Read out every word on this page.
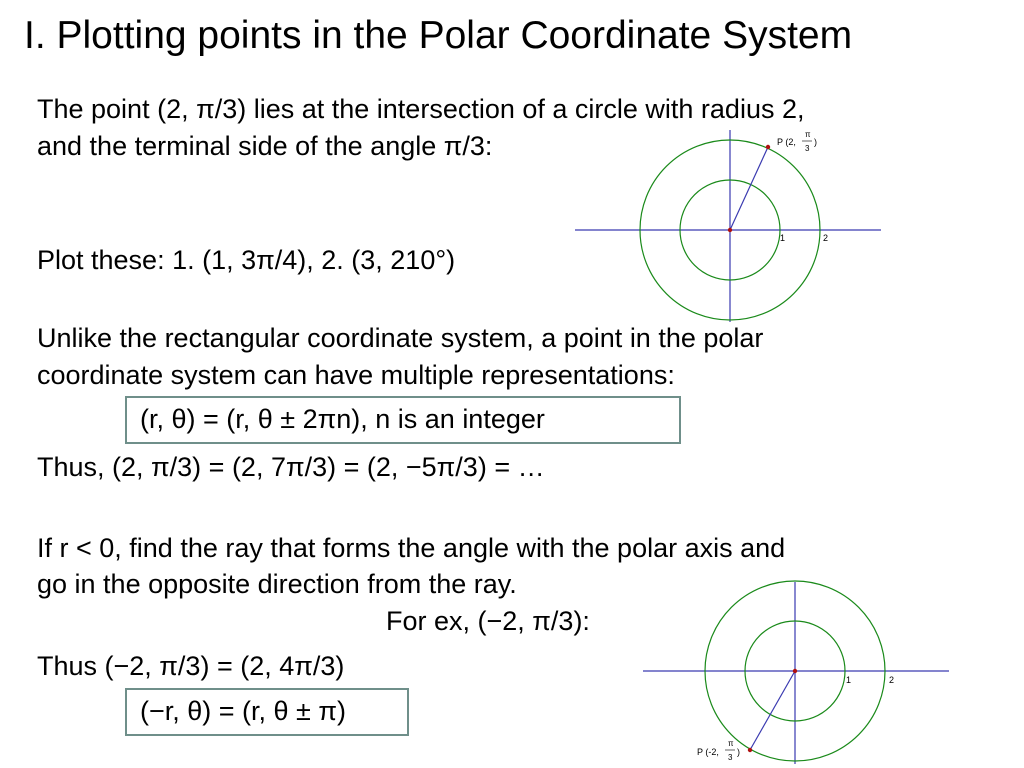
I. Plotting points in the Polar Coordinate System
The point (2, π/3) lies at the intersection of a circle with radius 2,
and the terminal side of the angle π/3:
Plot these: 1. (1, 3π/4), 2. (3, 210°)
Unlike the rectangular coordinate system, a point in the polar
coordinate system can have multiple representations:
(r, θ) = (r, θ ± 2πn), n is an integer
Thus, (2, π/3) = (2, 7π/3) = (2, −5π/3) = …
If r < 0, find the ray that forms the angle with the polar axis and
go in the opposite direction from the ray.
For ex, (−2, π/3):
Thus (−2, π/3) = (2, 4π/3)
(−r, θ) = (r, θ ± π)
P (2,
π
3
)
1	2
P (-2,
π
3
)
1	2
